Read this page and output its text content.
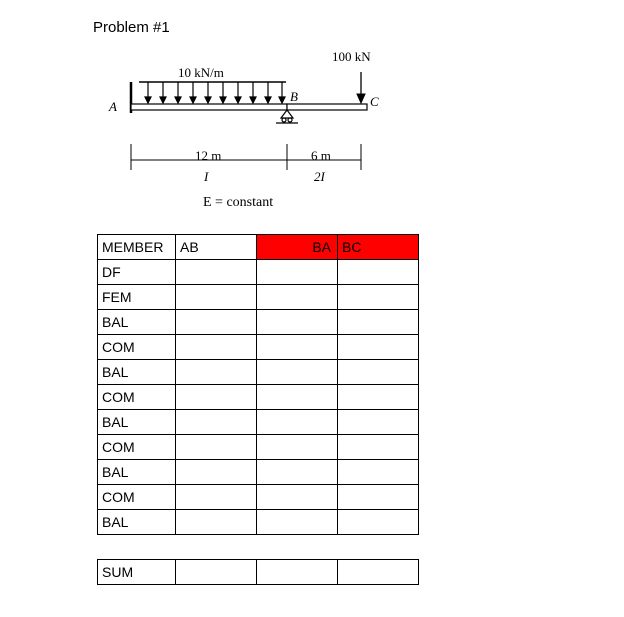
Problem #1
10 kN/m
100 kN
A
B	C
12 m
I
6 m
2I
E = constant
MEMBER	AB	BA	BC
DF			
FEM			
BAL			
COM			
BAL			
COM			
BAL			
COM			
BAL			
COM			
BAL			
SUM			
